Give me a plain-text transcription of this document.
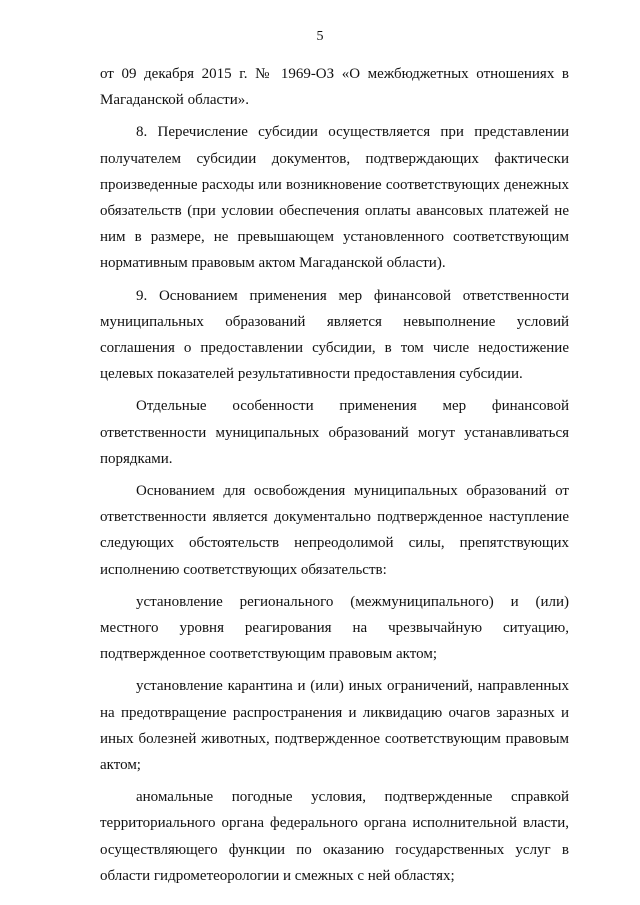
5

от 09 декабря 2015 г. № 1969-ОЗ «О межбюджетных отношениях в Магаданской области».

8. Перечисление субсидии осуществляется при представлении получателем субсидии документов, подтверждающих фактически произведенные расходы или возникновение соответствующих денежных обязательств (при условии обеспечения оплаты авансовых платежей не ним в размере, не превышающем установленного соответствующим нормативным правовым актом Магаданской области).

9. Основанием применения мер финансовой ответственности муниципальных образований является невыполнение условий соглашения о предоставлении субсидии, в том числе недостижение целевых показателей результативности предоставления субсидии.

Отдельные особенности применения мер финансовой ответственности муниципальных образований могут устанавливаться порядками.

Основанием для освобождения муниципальных образований от ответственности является документально подтвержденное наступление следующих обстоятельств непреодолимой силы, препятствующих исполнению соответствующих обязательств:

установление регионального (межмуниципального) и (или) местного уровня реагирования на чрезвычайную ситуацию, подтвержденное соответствующим правовым актом;

установление карантина и (или) иных ограничений, направленных на предотвращение распространения и ликвидацию очагов заразных и иных болезней животных, подтвержденное соответствующим правовым актом;

аномальные погодные условия, подтвержденные справкой территориального органа федерального органа исполнительной власти, осуществляющего функции по оказанию государственных услуг в области гидрометеорологии и смежных с ней областях;
